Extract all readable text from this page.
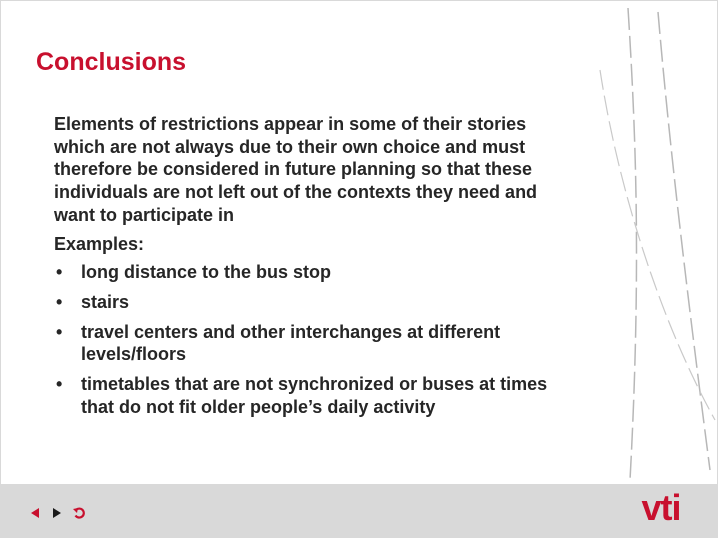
Conclusions

Elements of restrictions appear in some of their stories which are not always due to their own choice and must therefore be considered in future planning so that these individuals are not left out of the contexts they need and want to participate in

Examples:

• long distance to the bus stop
• stairs
• travel centers and other interchanges at different levels/floors
• timetables that are not synchronized or buses at times that do not fit older people’s daily activity
vti
